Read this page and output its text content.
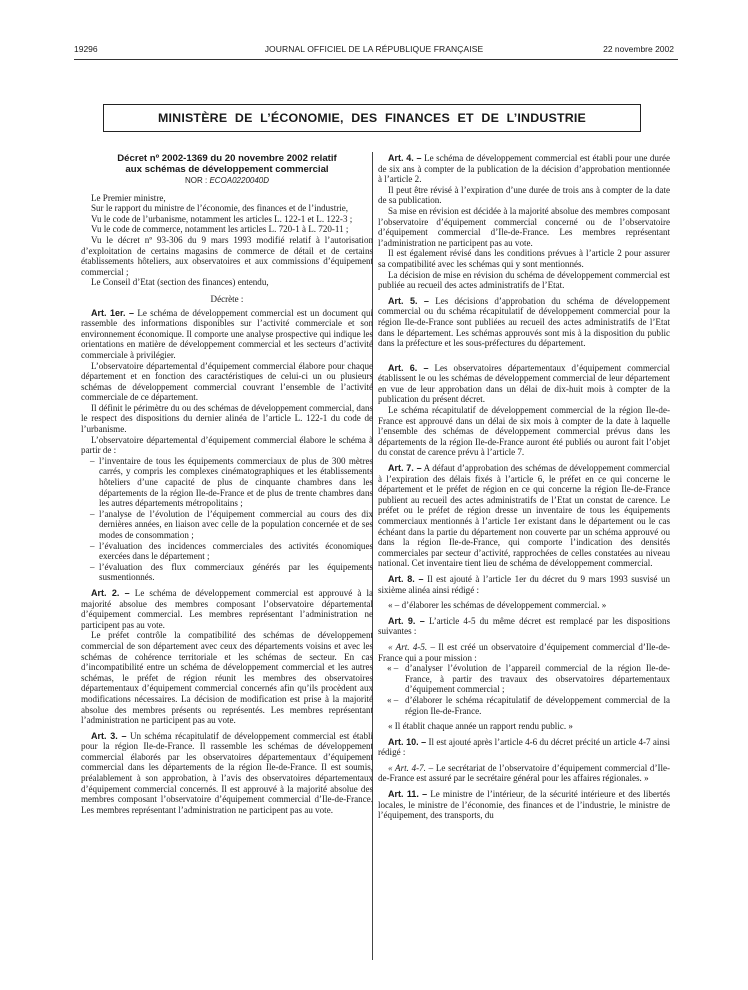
19296	JOURNAL OFFICIEL DE LA RÉPUBLIQUE FRANÇAISE	22 novembre 2002
MINISTÈRE DE L’ÉCONOMIE, DES FINANCES ET DE L’INDUSTRIE

Décret nº 2002-1369 du 20 novembre 2002 relatif

aux schémas de développement commercial

NOR : ECOA0220040D

Le Premier ministre,

Sur le rapport du ministre de l’économie, des finances et de l’industrie,

Vu le code de l’urbanisme, notamment les articles L. 122-1 et L. 122-3 ;

Vu le code de commerce, notamment les articles L. 720-1 à L. 720-11 ;

Vu le décret nº 93-306 du 9 mars 1993 modifié relatif à l’autorisation d’exploitation de certains magasins de commerce de détail et de certains établissements hôteliers, aux observatoires et aux commissions d’équipement commercial ;

Le Conseil d’Etat (section des finances) entendu,

Décrète :

Art. 1er. – Le schéma de développement commercial est un document qui rassemble des informations disponibles sur l’activité commerciale et son environnement économique. Il comporte une analyse prospective qui indique les orientations en matière de développement commercial et les secteurs d’activité commerciale à privilégier.

L’observatoire départemental d’équipement commercial élabore pour chaque département et en fonction des caractéristiques de celui-ci un ou plusieurs schémas de développement commercial couvrant l’ensemble de l’activité commerciale de ce département.

Il définit le périmètre du ou des schémas de développement commercial, dans le respect des dispositions du dernier alinéa de l’article L. 122-1 du code de l’urbanisme.

L’observatoire départemental d’équipement commercial élabore le schéma à partir de :

– l’inventaire de tous les équipements commerciaux de plus de 300 mètres carrés, y compris les complexes cinématographiques et les établissements hôteliers d’une capacité de plus de cinquante chambres dans les départements de la région Ile-de-France et de plus de trente chambres dans les autres départements métropolitains ;
– l’analyse de l’évolution de l’équipement commercial au cours des dix dernières années, en liaison avec celle de la population concernée et de ses modes de consommation ;
– l’évaluation des incidences commerciales des activités économiques exercées dans le département ;
– l’évaluation des flux commerciaux générés par les équipements susmentionnés.

Art. 2. – Le schéma de développement commercial est approuvé à la majorité absolue des membres composant l’observatoire départemental d’équipement commercial. Les membres représentant l’administration ne participent pas au vote.

Le préfet contrôle la compatibilité des schémas de développement commercial de son département avec ceux des départements voisins et avec les schémas de cohérence territoriale et les schémas de secteur. En cas d’incompatibilité entre un schéma de développement commercial et les autres schémas, le préfet de région réunit les membres des observatoires départementaux d’équipement commercial concernés afin qu’ils procèdent aux modifications nécessaires. La décision de modification est prise à la majorité absolue des membres présents ou représentés. Les membres représentant l’administration ne participent pas au vote.

Art. 3. – Un schéma récapitulatif de développement commercial est établi pour la région Ile-de-France. Il rassemble les schémas de développement commercial élaborés par les observatoires départementaux d’équipement commercial dans les départements de la région Ile-de-France. Il est soumis, préalablement à son approbation, à l’avis des observatoires départementaux d’équipement commercial concernés. Il est approuvé à la majorité absolue des membres composant l’observatoire d’équipement commercial d’Ile-de-France. Les membres représentant l’administration ne participent pas au vote.

Art. 4. – Le schéma de développement commercial est établi pour une durée de six ans à compter de la publication de la décision d’approbation mentionnée à l’article 2.

Il peut être révisé à l’expiration d’une durée de trois ans à compter de la date de sa publication.

Sa mise en révision est décidée à la majorité absolue des membres composant l’observatoire d’équipement commercial concerné ou de l’observatoire d’équipement commercial d’Ile-de-France. Les membres représentant l’administration ne participent pas au vote.

Il est également révisé dans les conditions prévues à l’article 2 pour assurer sa compatibilité avec les schémas qui y sont mentionnés.

La décision de mise en révision du schéma de développement commercial est publiée au recueil des actes administratifs de l’Etat.

Art. 5. – Les décisions d’approbation du schéma de développement commercial ou du schéma récapitulatif de développement commercial pour la région Ile-de-France sont publiées au recueil des actes administratifs de l’Etat dans le département. Les schémas approuvés sont mis à la disposition du public dans la préfecture et les sous-préfectures du département.

Art. 6. – Les observatoires départementaux d’équipement commercial établissent le ou les schémas de développement commercial de leur département en vue de leur approbation dans un délai de dix-huit mois à compter de la publication du présent décret.

Le schéma récapitulatif de développement commercial de la région Ile-de-France est approuvé dans un délai de six mois à compter de la date à laquelle l’ensemble des schémas de développement commercial prévus dans les départements de la région Ile-de-France auront été publiés ou auront fait l’objet du constat de carence prévu à l’article 7.

Art. 7. – A défaut d’approbation des schémas de développement commercial à l’expiration des délais fixés à l’article 6, le préfet en ce qui concerne le département et le préfet de région en ce qui concerne la région Ile-de-France publient au recueil des actes administratifs de l’Etat un constat de carence. Le préfet ou le préfet de région dresse un inventaire de tous les équipements commerciaux mentionnés à l’article 1er existant dans le département ou le cas échéant dans la partie du département non couverte par un schéma approuvé ou dans la région Ile-de-France, qui comporte l’indication des densités commerciales par secteur d’activité, rapprochées de celles constatées au niveau national. Cet inventaire tient lieu de schéma de développement commercial.

Art. 8. – Il est ajouté à l’article 1er du décret du 9 mars 1993 susvisé un sixième alinéa ainsi rédigé :

« – d’élaborer les schémas de développement commercial. »

Art. 9. – L’article 4-5 du même décret est remplacé par les dispositions suivantes :

« Art. 4-5. – Il est créé un observatoire d’équipement commercial d’Ile-de-France qui a pour mission :

« – d’analyser l’évolution de l’appareil commercial de la région Ile-de-France, à partir des travaux des observatoires départementaux d’équipement commercial ;
« – d’élaborer le schéma récapitulatif de développement commercial de la région Ile-de-France.

« Il établit chaque année un rapport rendu public. »

Art. 10. – Il est ajouté après l’article 4-6 du décret précité un article 4-7 ainsi rédigé :

« Art. 4-7. – Le secrétariat de l’observatoire d’équipement commercial d’Ile-de-France est assuré par le secrétaire général pour les affaires régionales. »

Art. 11. – Le ministre de l’intérieur, de la sécurité intérieure et des libertés locales, le ministre de l’économie, des finances et de l’industrie, le ministre de l’équipement, des transports, du
